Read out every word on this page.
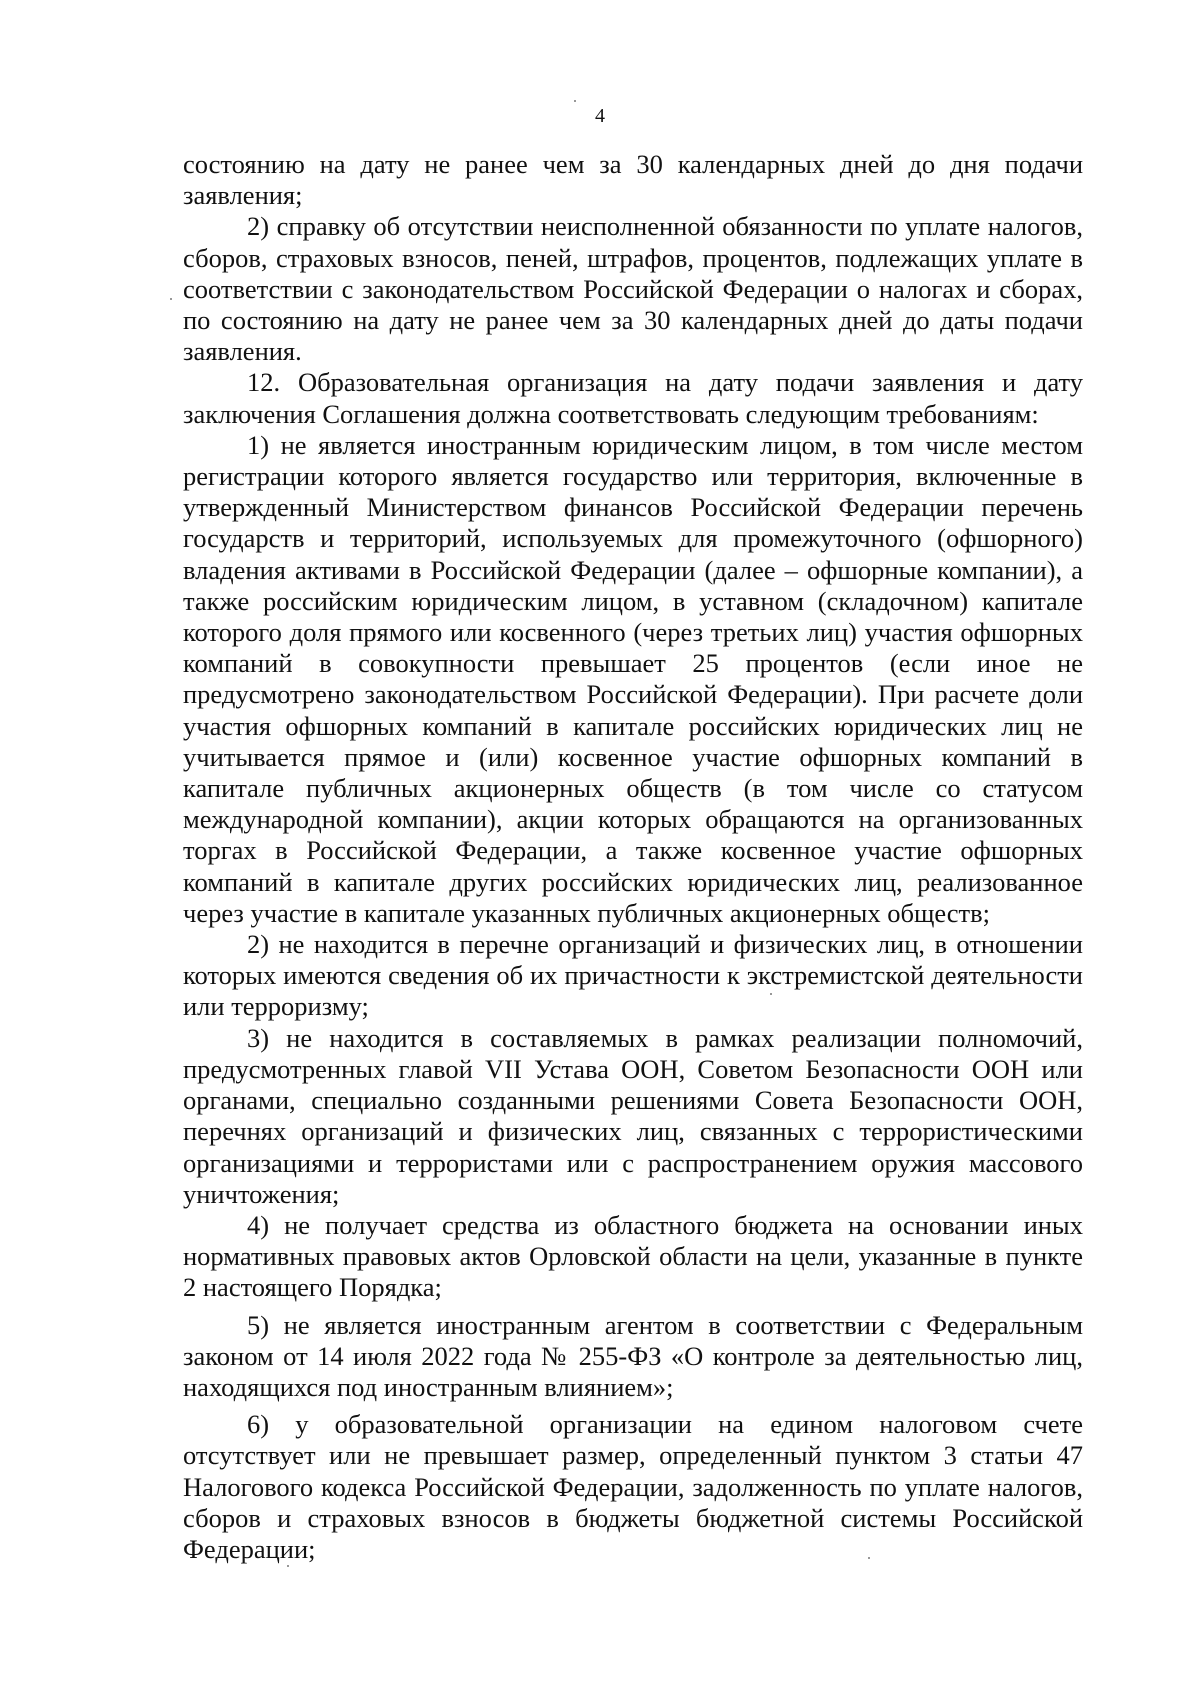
4

состоянию на дату не ранее чем за 30 календарных дней до дня подачи заявления;

2) справку об отсутствии неисполненной обязанности по уплате налогов, сборов, страховых взносов, пеней, штрафов, процентов, подлежащих уплате в соответствии с законодательством Российской Федерации о налогах и сборах, по состоянию на дату не ранее чем за 30 календарных дней до даты подачи заявления.

12. Образовательная организация на дату подачи заявления и дату заключения Соглашения должна соответствовать следующим требованиям:

1) не является иностранным юридическим лицом, в том числе местом регистрации которого является государство или территория, включенные в утвержденный Министерством финансов Российской Федерации перечень государств и территорий, используемых для промежуточного (офшорного) владения активами в Российской Федерации (далее – офшорные компании), а также российским юридическим лицом, в уставном (складочном) капитале которого доля прямого или косвенного (через третьих лиц) участия офшорных компаний в совокупности превышает 25 процентов (если иное не предусмотрено законодательством Российской Федерации). При расчете доли участия офшорных компаний в капитале российских юридических лиц не учитывается прямое и (или) косвенное участие офшорных компаний в капитале публичных акционерных обществ (в том числе со статусом международной компании), акции которых обращаются на организованных торгах в Российской Федерации, а также косвенное участие офшорных компаний в капитале других российских юридических лиц, реализованное через участие в капитале указанных публичных акционерных обществ;

2) не находится в перечне организаций и физических лиц, в отношении которых имеются сведения об их причастности к экстремистской деятельности или терроризму;

3) не находится в составляемых в рамках реализации полномочий, предусмотренных главой VII Устава ООН, Советом Безопасности ООН или органами, специально созданными решениями Совета Безопасности ООН, перечнях организаций и физических лиц, связанных с террористическими организациями и террористами или с распространением оружия массового уничтожения;

4) не получает средства из областного бюджета на основании иных нормативных правовых актов Орловской области на цели, указанные в пункте 2 настоящего Порядка;

5) не является иностранным агентом в соответствии с Федеральным законом от 14 июля 2022 года № 255-ФЗ «О контроле за деятельностью лиц, находящихся под иностранным влиянием»;

6) у образовательной организации на едином налоговом счете отсутствует или не превышает размер, определенный пунктом 3 статьи 47 Налогового кодекса Российской Федерации, задолженность по уплате налогов, сборов и страховых взносов в бюджеты бюджетной системы Российской Федерации;
